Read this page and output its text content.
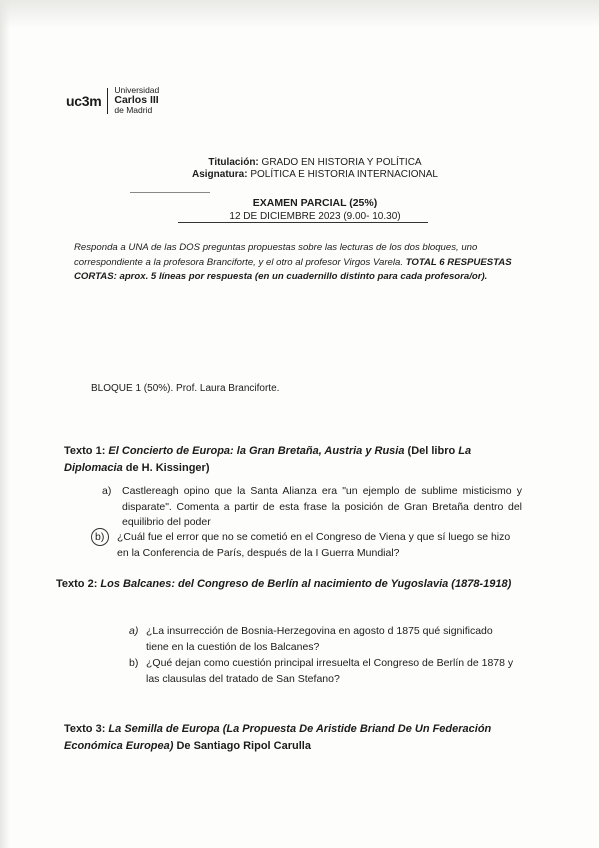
uc3m
Universidad
Carlos III
de Madrid
Titulación: GRADO EN HISTORIA Y POLÍTICA
Asignatura: POLÍTICA E HISTORIA INTERNACIONAL
EXAMEN PARCIAL (25%)
12 DE DICIEMBRE 2023 (9.00- 10.30)
Responda a UNA de las DOS preguntas propuestas sobre las lecturas de los dos bloques, uno correspondiente a la profesora Branciforte, y el otro al profesor Virgos Varela. TOTAL 6 RESPUESTAS CORTAS: aprox. 5 líneas por respuesta (en un cuadernillo distinto para cada profesora/or).
BLOQUE 1 (50%). Prof. Laura Branciforte.
Texto 1: El Concierto de Europa: la Gran Bretaña, Austria y Rusia (Del libro La Diplomacia de H. Kissinger)
a) Castlereagh opino que la Santa Alianza era "un ejemplo de sublime misticismo y disparate". Comenta a partir de esta frase la posición de Gran Bretaña dentro del equilibrio del poder
b) ¿Cuál fue el error que no se cometió en el Congreso de Viena y que sí luego se hizo en la Conferencia de París, después de la I Guerra Mundial?
Texto 2: Los Balcanes: del Congreso de Berlín al nacimiento de Yugoslavia (1878-1918)
a) ¿La insurrección de Bosnia-Herzegovina en agosto d 1875 qué significado tiene en la cuestión de los Balcanes?
b) ¿Qué dejan como cuestión principal irresuelta el Congreso de Berlín de 1878 y las clausulas del tratado de San Stefano?
Texto 3: La Semilla de Europa (La Propuesta De Aristide Briand De Un Federación Económica Europea) De Santiago Ripol Carulla
